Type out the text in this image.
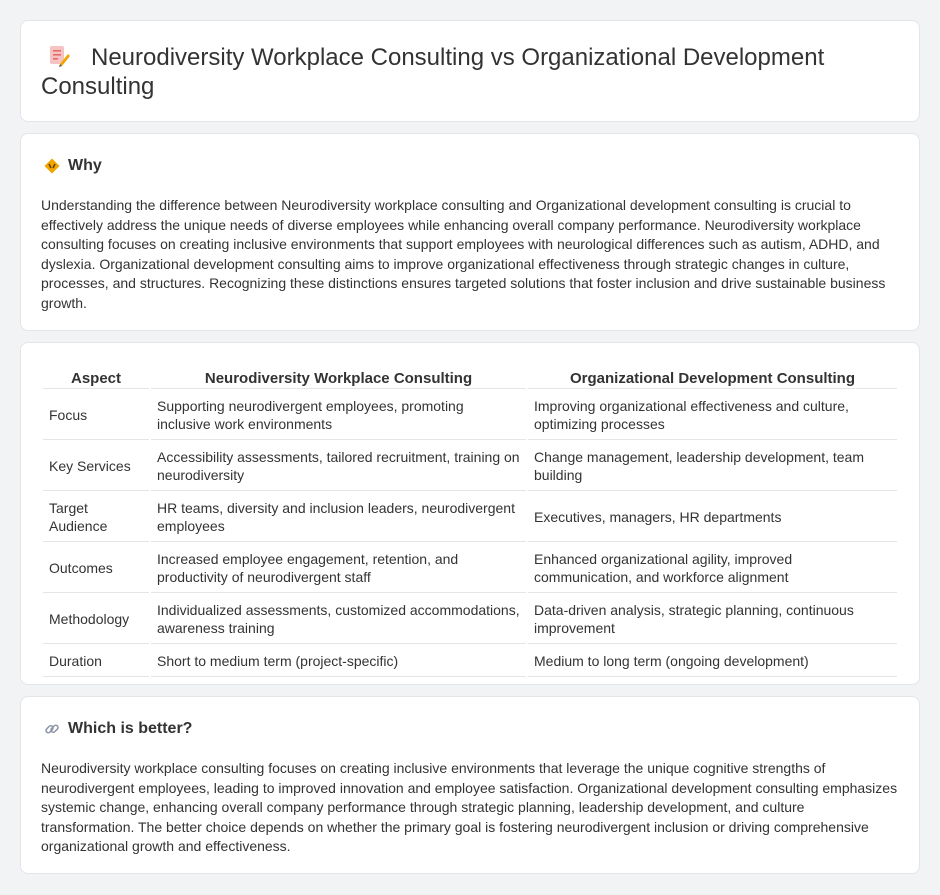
Neurodiversity Workplace Consulting vs Organizational Development Consulting
Why

Understanding the difference between Neurodiversity workplace consulting and Organizational development consulting is crucial to effectively address the unique needs of diverse employees while enhancing overall company performance. Neurodiversity workplace consulting focuses on creating inclusive environments that support employees with neurological differences such as autism, ADHD, and dyslexia. Organizational development consulting aims to improve organizational effectiveness through strategic changes in culture, processes, and structures. Recognizing these distinctions ensures targeted solutions that foster inclusion and drive sustainable business growth.

Aspect	Neurodiversity Workplace Consulting	Organizational Development Consulting
Focus	Supporting neurodivergent employees, promoting inclusive work environments	Improving organizational effectiveness and culture, optimizing processes
Key Services	Accessibility assessments, tailored recruitment, training on neurodiversity	Change management, leadership development, team building
Target Audience	HR teams, diversity and inclusion leaders, neurodivergent employees	Executives, managers, HR departments
Outcomes	Increased employee engagement, retention, and productivity of neurodivergent staff	Enhanced organizational agility, improved communication, and workforce alignment
Methodology	Individualized assessments, customized accommodations, awareness training	Data-driven analysis, strategic planning, continuous improvement
Duration	Short to medium term (project-specific)	Medium to long term (ongoing development)
Which is better?

Neurodiversity workplace consulting focuses on creating inclusive environments that leverage the unique cognitive strengths of neurodivergent employees, leading to improved innovation and employee satisfaction. Organizational development consulting emphasizes systemic change, enhancing overall company performance through strategic planning, leadership development, and culture transformation. The better choice depends on whether the primary goal is fostering neurodivergent inclusion or driving comprehensive organizational growth and effectiveness.
